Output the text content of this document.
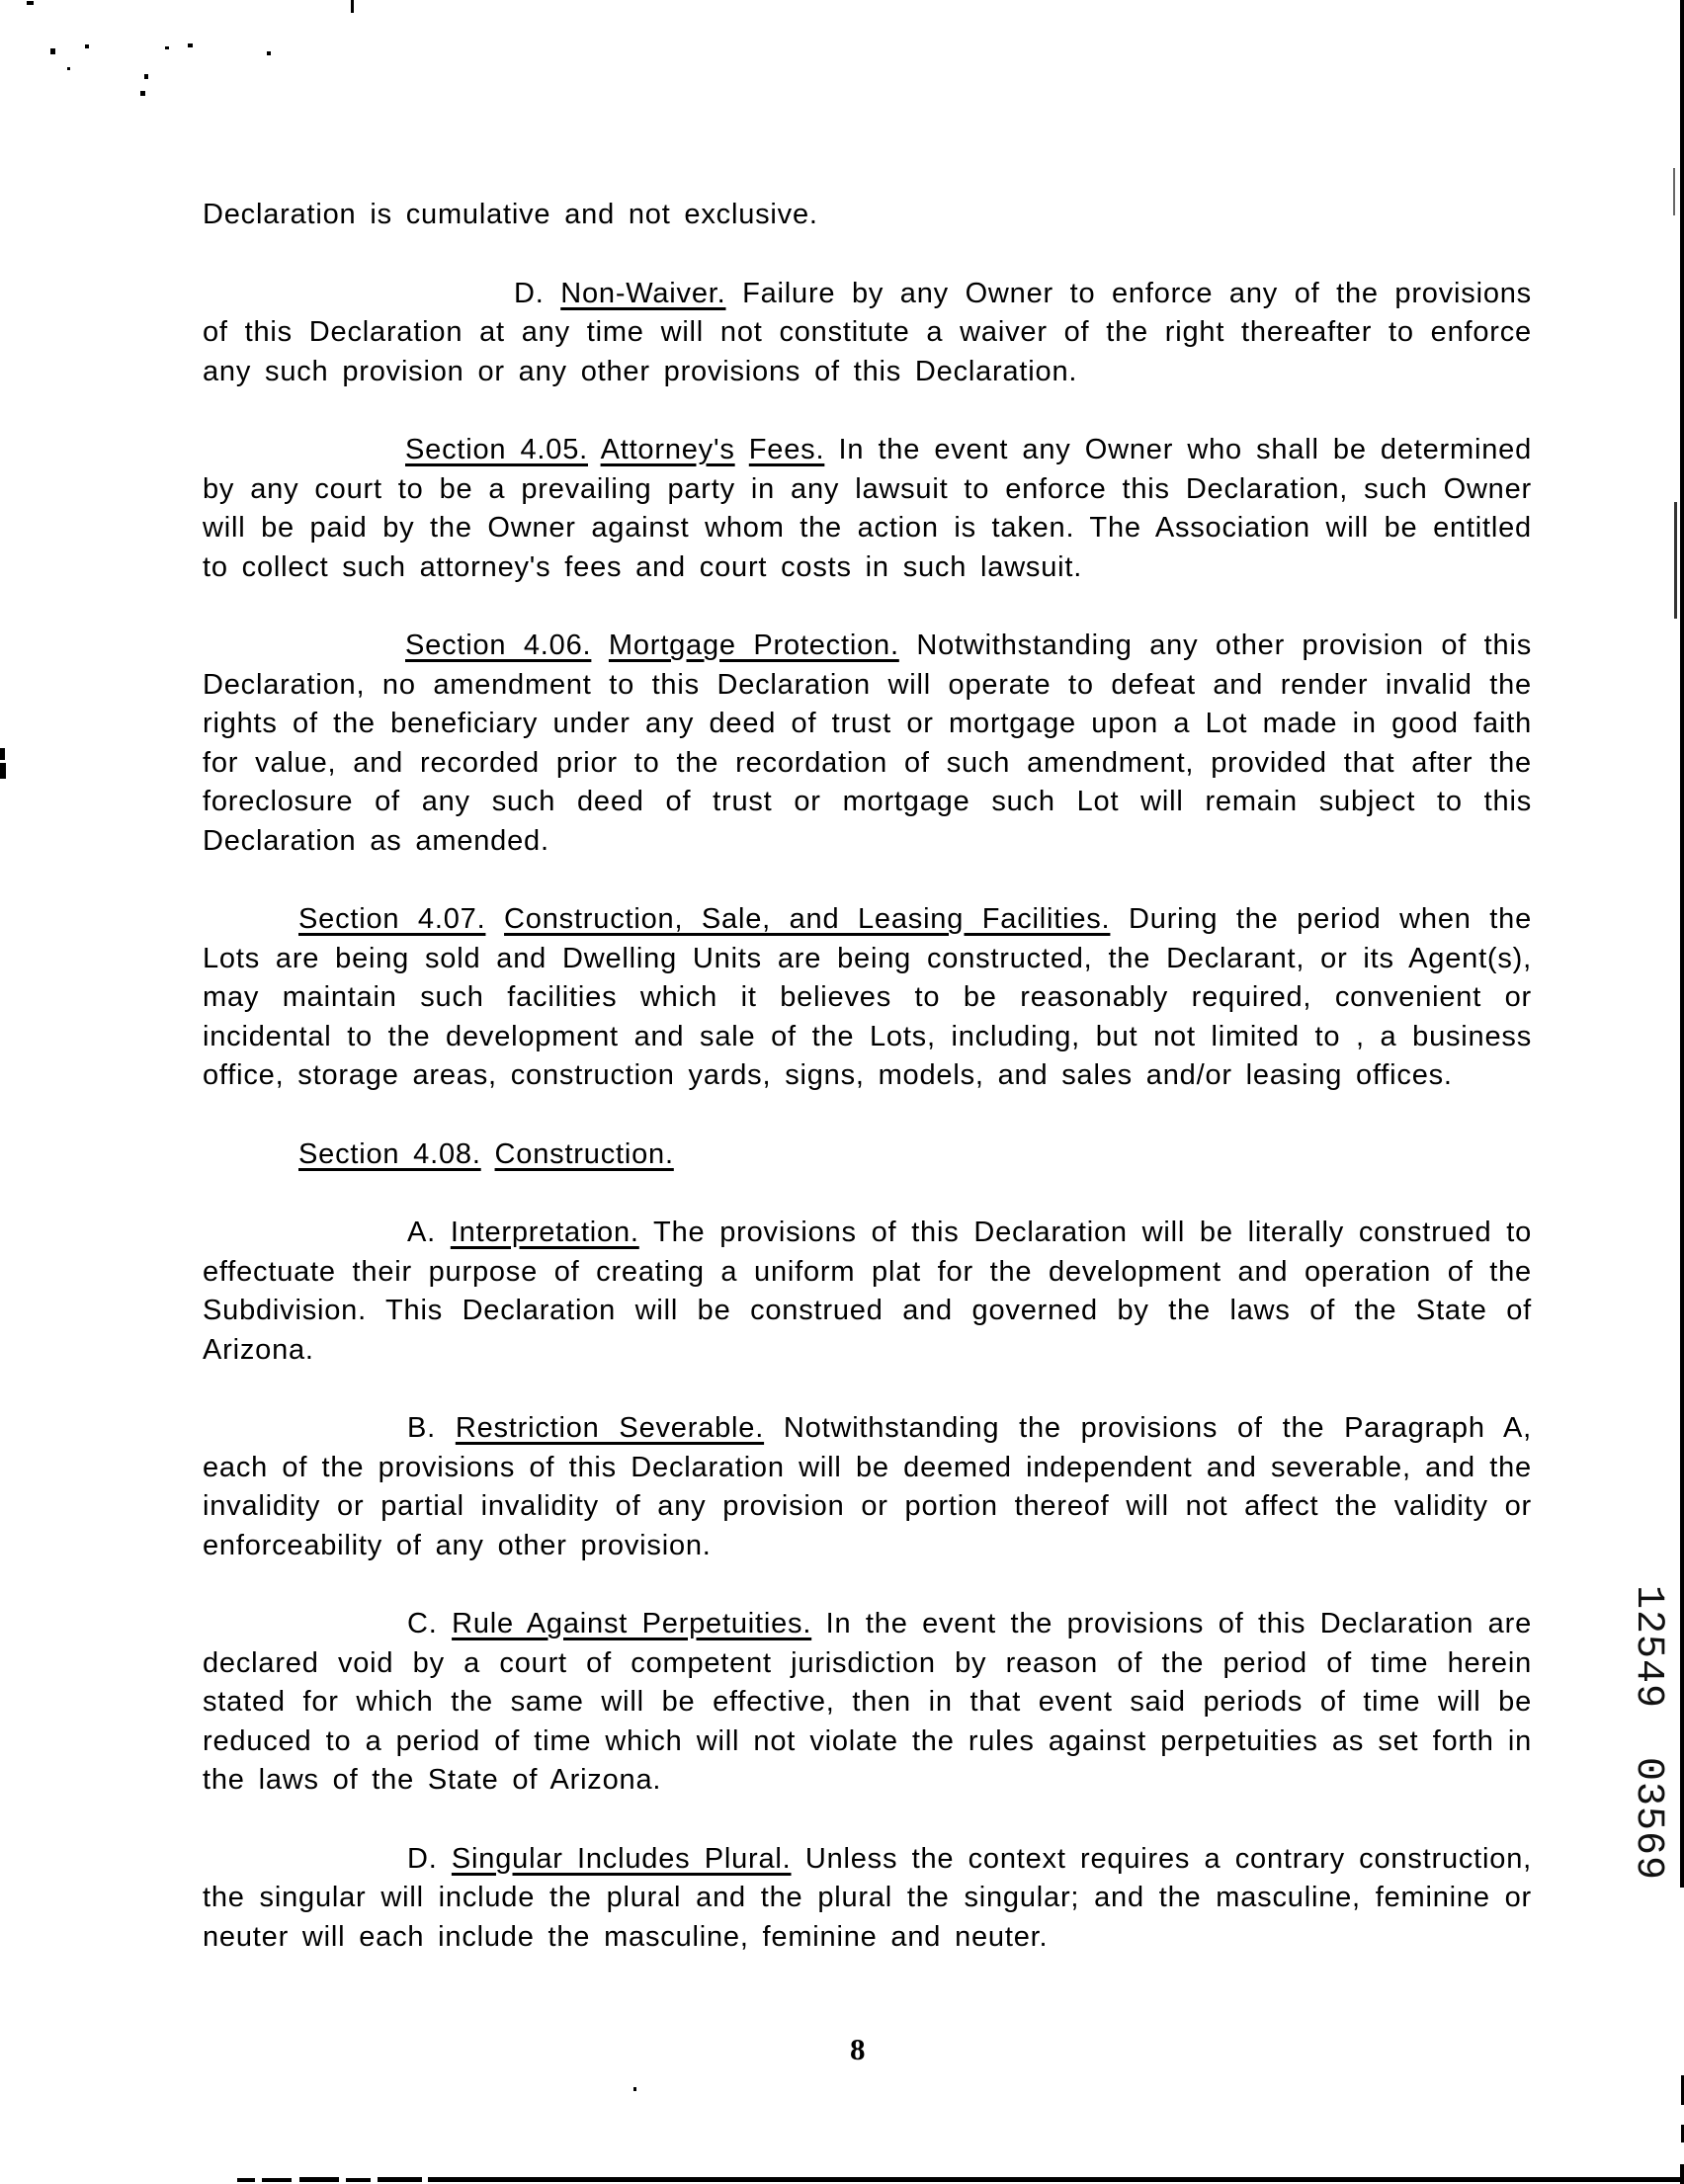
Declaration is cumulative and not exclusive.

D. Non-Waiver. Failure by any Owner to enforce any of the provisions of this Declaration at any time will not constitute a waiver of the right thereafter to enforce any such provision or any other provisions of this Declaration.

Section 4.05. Attorney's Fees. In the event any Owner who shall be determined by any court to be a prevailing party in any lawsuit to enforce this Declaration, such Owner will be paid by the Owner against whom the action is taken. The Association will be entitled to collect such attorney's fees and court costs in such lawsuit.

Section 4.06. Mortgage Protection. Notwithstanding any other provision of this Declaration, no amendment to this Declaration will operate to defeat and render invalid the rights of the beneficiary under any deed of trust or mortgage upon a Lot made in good faith for value, and recorded prior to the recordation of such amendment, provided that after the foreclosure of any such deed of trust or mortgage such Lot will remain subject to this Declaration as amended.

Section 4.07. Construction, Sale, and Leasing Facilities. During the period when the Lots are being sold and Dwelling Units are being constructed, the Declarant, or its Agent(s), may maintain such facilities which it believes to be reasonably required, convenient or incidental to the development and sale of the Lots, including, but not limited to , a business office, storage areas, construction yards, signs, models, and sales and/or leasing offices.

Section 4.08. Construction.

A. Interpretation. The provisions of this Declaration will be literally construed to effectuate their purpose of creating a uniform plat for the development and operation of the Subdivision. This Declaration will be construed and governed by the laws of the State of Arizona.

B. Restriction Severable. Notwithstanding the provisions of the Paragraph A, each of the provisions of this Declaration will be deemed independent and severable, and the invalidity or partial invalidity of any provision or portion thereof will not affect the validity or enforceability of any other provision.

C. Rule Against Perpetuities. In the event the provisions of this Declaration are declared void by a court of competent jurisdiction by reason of the period of time herein stated for which the same will be effective, then in that event said periods of time will be reduced to a period of time which will not violate the rules against perpetuities as set forth in the laws of the State of Arizona.

D. Singular Includes Plural. Unless the context requires a contrary construction, the singular will include the plural and the plural the singular; and the masculine, feminine or neuter will each include the masculine, feminine and neuter.

8
12549 03569
